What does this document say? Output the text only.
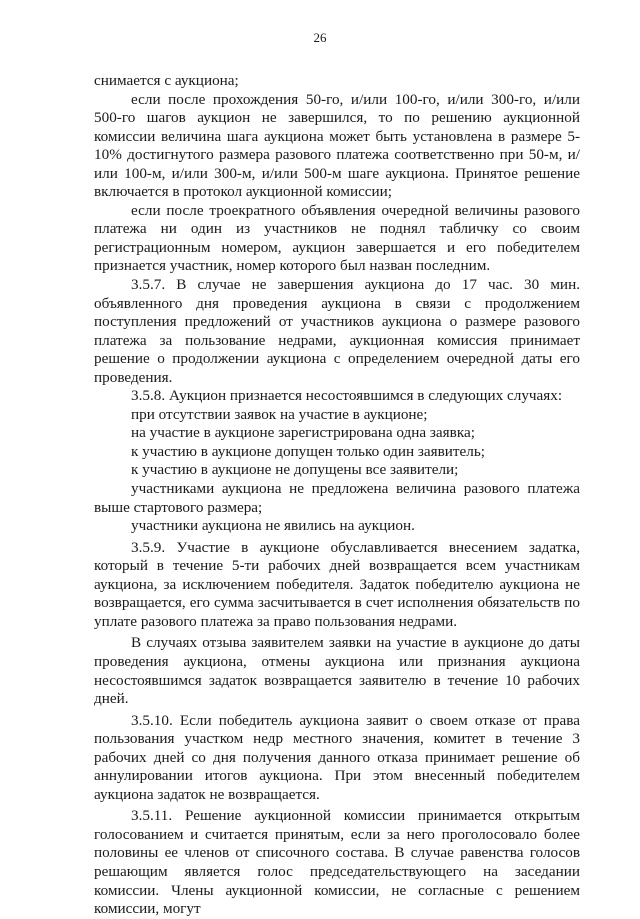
26

снимается с аукциона;

если после прохождения 50-го, и/или 100-го, и/или 300-го, и/или 500-го шагов аукцион не завершился, то по решению аукционной комиссии величина шага аукциона может быть установлена в размере 5-10% достигнутого размера разового платежа соответственно при 50-м, и/или 100-м, и/или 300-м, и/или 500-м шаге аукциона. Принятое решение включается в протокол аукционной комиссии;

если после троекратного объявления очередной величины разового платежа ни один из участников не поднял табличку со своим регистрационным номером, аукцион завершается и его победителем признается участник, номер которого был назван последним.

3.5.7. В случае не завершения аукциона до 17 час. 30 мин. объявленного дня проведения аукциона в связи с продолжением поступления предложений от участников аукциона о размере разового платежа за пользование недрами, аукционная комиссия принимает решение о продолжении аукциона с определением очередной даты его проведения.

3.5.8. Аукцион признается несостоявшимся в следующих случаях:

при отсутствии заявок на участие в аукционе;

на участие в аукционе зарегистрирована одна заявка;

к участию в аукционе допущен только один заявитель;

к участию в аукционе не допущены все заявители;

участниками аукциона не предложена величина разового платежа выше стартового размера;

участники аукциона не явились на аукцион.

3.5.9. Участие в аукционе обуславливается внесением задатка, который в течение 5-ти рабочих дней возвращается всем участникам аукциона, за исключением победителя. Задаток победителю аукциона не возвращается, его сумма засчитывается в счет исполнения обязательств по уплате разового платежа за право пользования недрами.

В случаях отзыва заявителем заявки на участие в аукционе до даты проведения аукциона, отмены аукциона или признания аукциона несостоявшимся задаток возвращается заявителю в течение 10 рабочих дней.

3.5.10. Если победитель аукциона заявит о своем отказе от права пользования участком недр местного значения, комитет в течение 3 рабочих дней со дня получения данного отказа принимает решение об аннулировании итогов аукциона. При этом внесенный победителем аукциона задаток не возвращается.

3.5.11. Решение аукционной комиссии принимается открытым голосованием и считается принятым, если за него проголосовало более половины ее членов от списочного состава. В случае равенства голосов решающим является голос председательствующего на заседании комиссии. Члены аукционной комиссии, не согласные с решением комиссии, могут
